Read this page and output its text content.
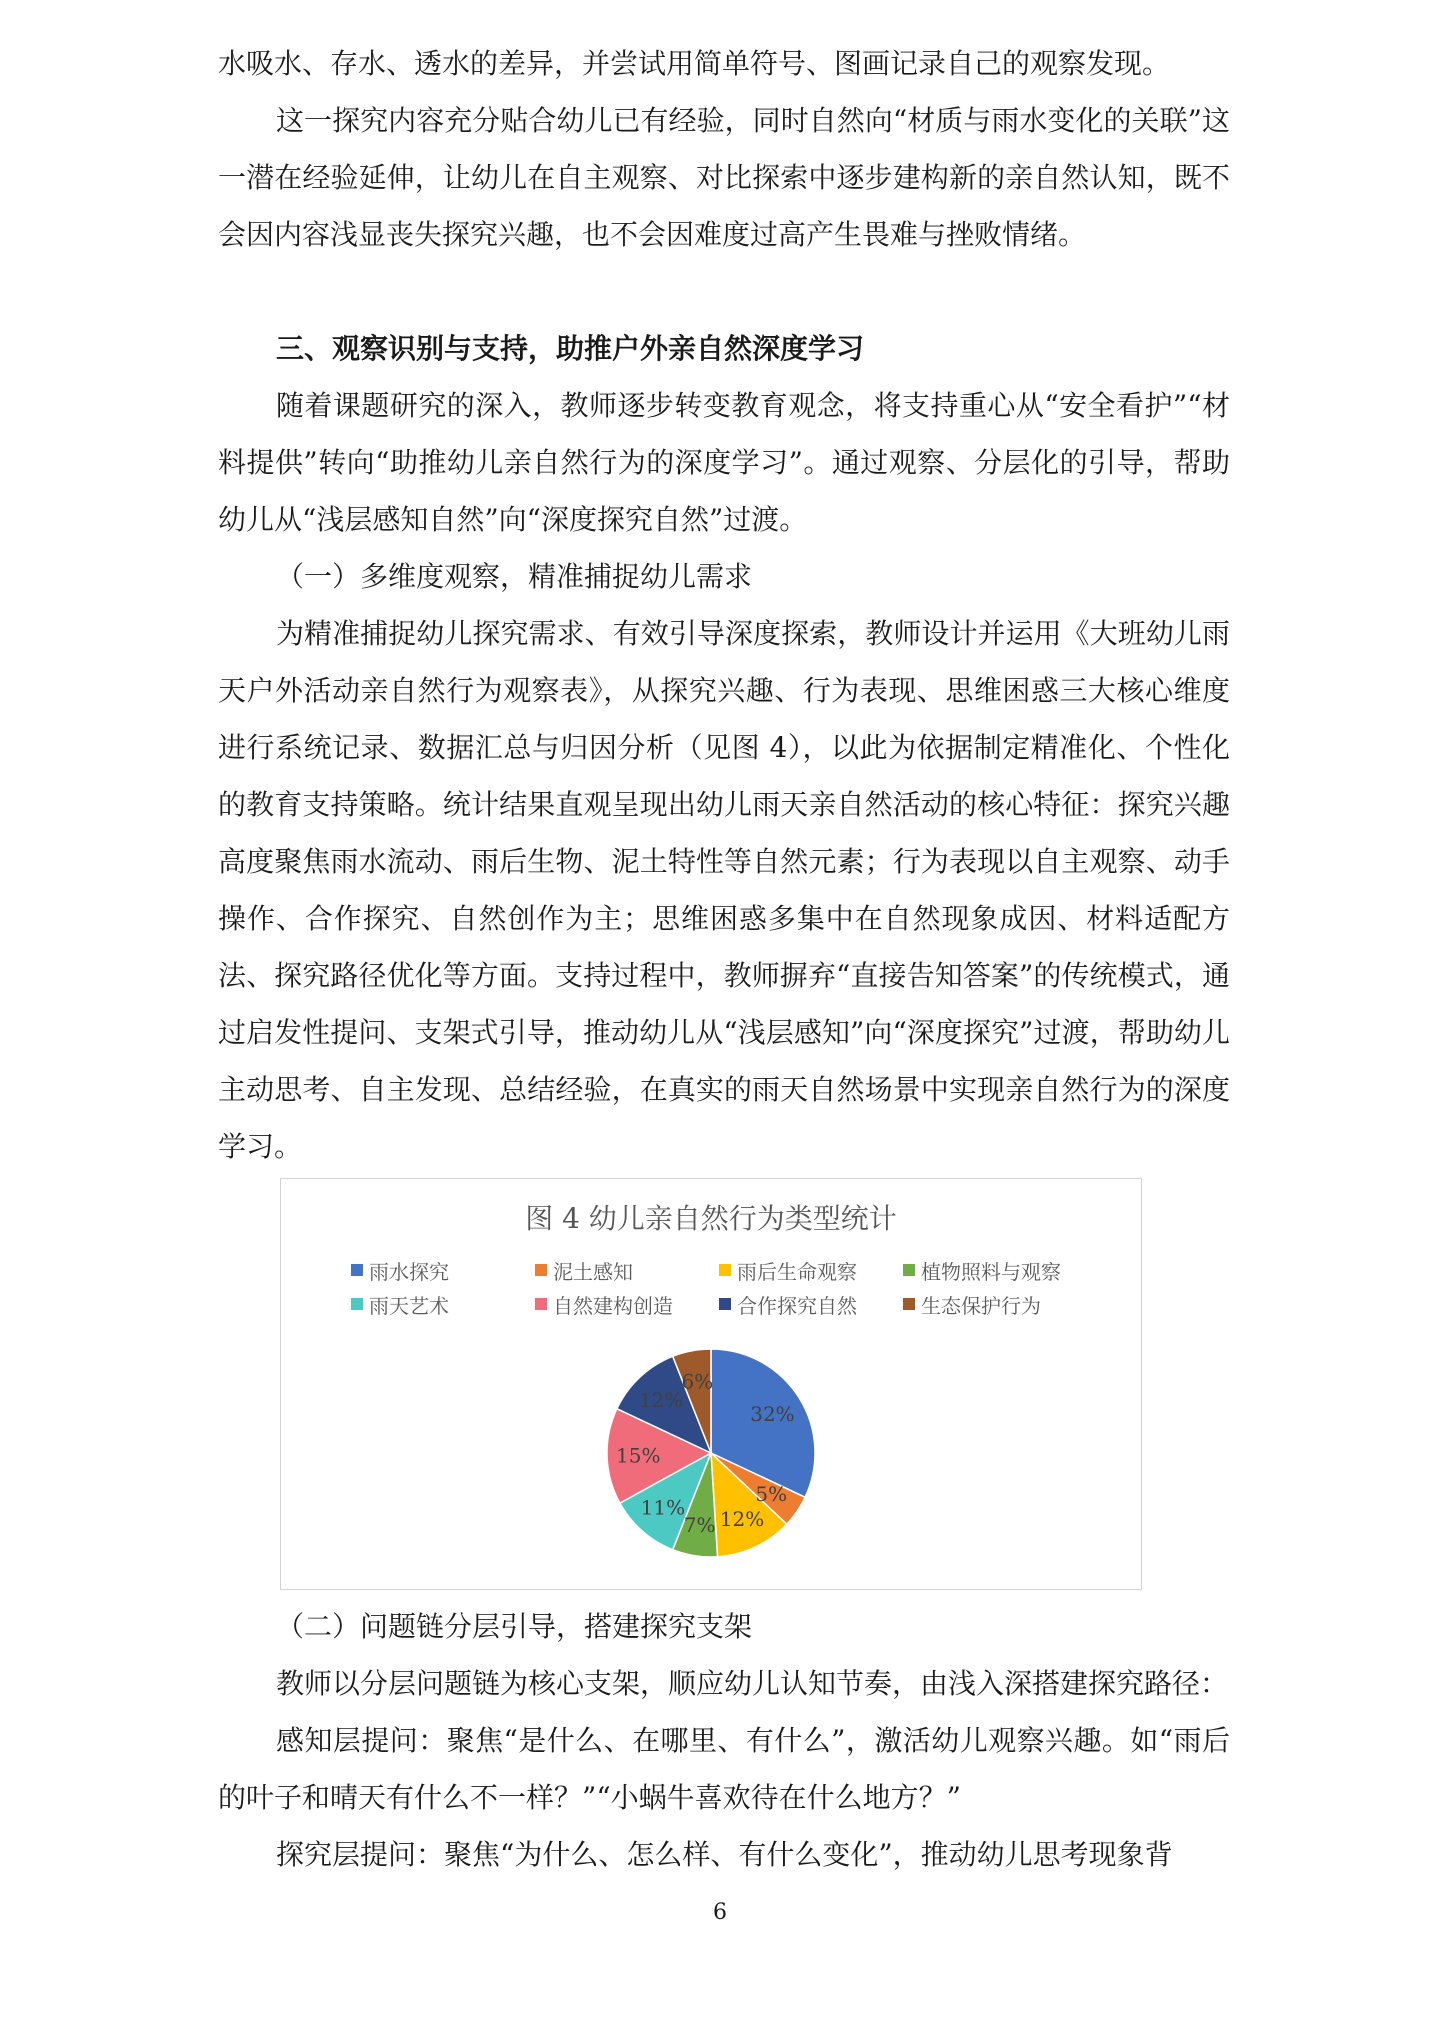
水吸水、存水、透水的差异，并尝试用简单符号、图画记录自己的观察发现。

这一探究内容充分贴合幼儿已有经验，同时自然向“材质与雨水变化的关联”这一潜在经验延伸，让幼儿在自主观察、对比探索中逐步建构新的亲自然认知，既不会因内容浅显丧失探究兴趣，也不会因难度过高产生畏难与挫败情绪。

三、观察识别与支持，助推户外亲自然深度学习

随着课题研究的深入，教师逐步转变教育观念，将支持重心从“安全看护”“材料提供”转向“助推幼儿亲自然行为的深度学习”。通过观察、分层化的引导，帮助幼儿从“浅层感知自然”向“深度探究自然”过渡。

（一）多维度观察，精准捕捉幼儿需求

为精准捕捉幼儿探究需求、有效引导深度探索，教师设计并运用《大班幼儿雨天户外活动亲自然行为观察表》，从探究兴趣、行为表现、思维困惑三大核心维度进行系统记录、数据汇总与归因分析（见图 4），以此为依据制定精准化、个性化的教育支持策略。统计结果直观呈现出幼儿雨天亲自然活动的核心特征：探究兴趣高度聚焦雨水流动、雨后生物、泥土特性等自然元素；行为表现以自主观察、动手操作、合作探究、自然创作为主；思维困惑多集中在自然现象成因、材料适配方法、探究路径优化等方面。支持过程中，教师摒弃“直接告知答案”的传统模式，通过启发性提问、支架式引导，推动幼儿从“浅层感知”向“深度探究”过渡，帮助幼儿主动思考、自主发现、总结经验，在真实的雨天自然场景中实现亲自然行为的深度学习。

图 4 幼儿亲自然行为类型统计

雨水探究	泥土感知	雨后生命观察	植物照料与观察
雨天艺术	自然建构创造	合作探究自然	生态保护行为
32%
5%
12%
7%
11%
15%
12%
6%

（二）问题链分层引导，搭建探究支架

教师以分层问题链为核心支架，顺应幼儿认知节奏，由浅入深搭建探究路径：

感知层提问：聚焦“是什么、在哪里、有什么”，激活幼儿观察兴趣。如“雨后的叶子和晴天有什么不一样？”“小蜗牛喜欢待在什么地方？”

探究层提问：聚焦“为什么、怎么样、有什么变化”，推动幼儿思考现象背

6
